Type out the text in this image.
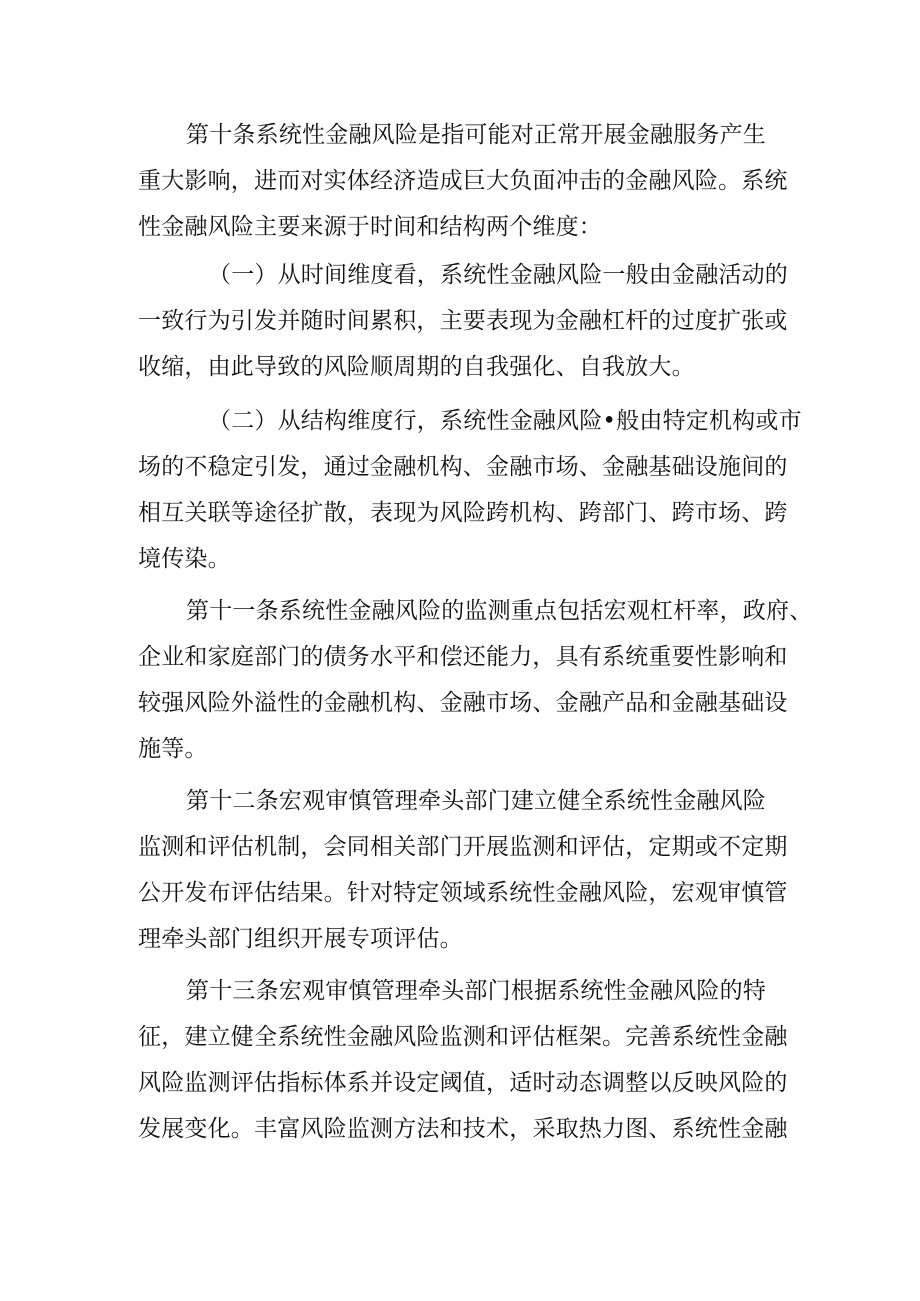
第十条系统性金融风险是指可能对正常开展金融服务产生
重大影响，进而对实体经济造成巨大负面冲击的金融风险。系统
性金融风险主要来源于时间和结构两个维度：
（一）从时间维度看，系统性金融风险一般由金融活动的
一致行为引发并随时间累积，主要表现为金融杠杆的过度扩张或
收缩，由此导致的风险顺周期的自我强化、自我放大。
（二）从结构维度行，系统性金融风险•般由特定机构或市
场的不稳定引发，通过金融机构、金融市场、金融基础设施间的
相互关联等途径扩散，表现为风险跨机构、跨部门、跨市场、跨
境传染。
第十一条系统性金融风险的监测重点包括宏观杠杆率，政府、
企业和家庭部门的债务水平和偿还能力，具有系统重要性影响和
较强风险外溢性的金融机构、金融市场、金融产品和金融基础设
施等。
第十二条宏观审慎管理牵头部门建立健全系统性金融风险
监测和评估机制，会同相关部门开展监测和评估，定期或不定期
公开发布评估结果。针对特定领域系统性金融风险，宏观审慎管
理牵头部门组织开展专项评估。
第十三条宏观审慎管理牵头部门根据系统性金融风险的特
征，建立健全系统性金融风险监测和评估框架。完善系统性金融
风险监测评估指标体系并设定阈值，适时动态调整以反映风险的
发展变化。丰富风险监测方法和技术，采取热力图、系统性金融
